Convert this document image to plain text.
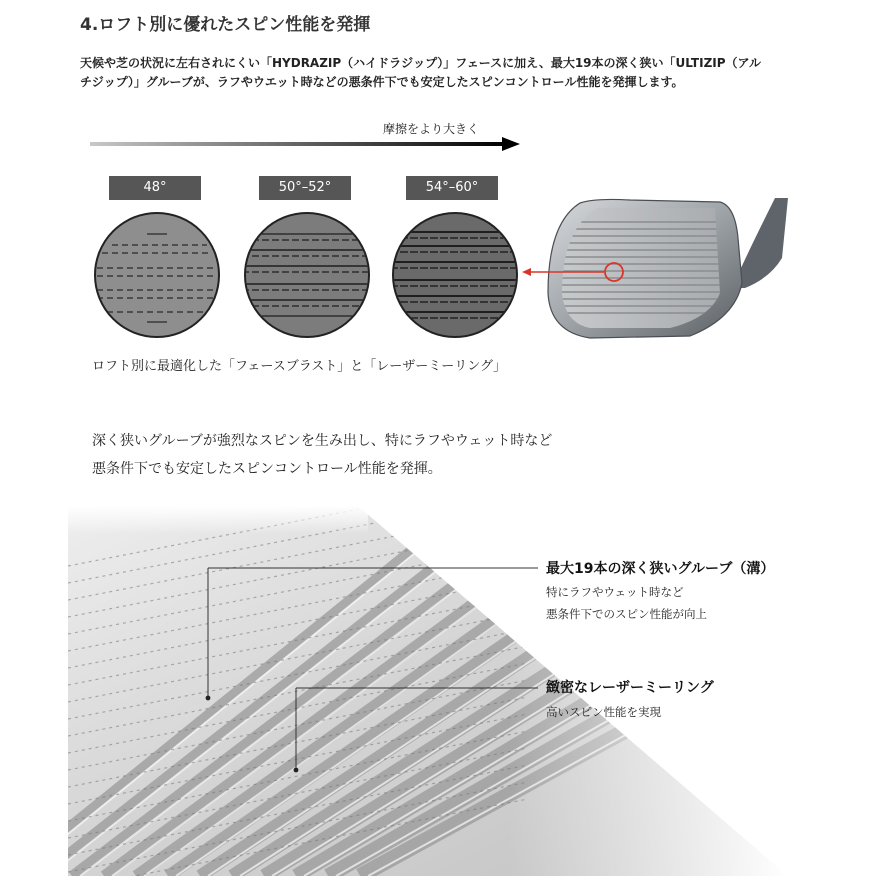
4.ロフト別に優れたスピン性能を発揮
天候や芝の状況に左右されにくい「HYDRAZIP（ハイドラジップ）」フェースに加え、最大19本の深く狭い「ULTIZIP（アル
チジップ）」グルーブが、ラフやウエット時などの悪条件下でも安定したスピンコントロール性能を発揮します。
摩擦をより大きく
48°	50°–52°	54°–60°
ロフト別に最適化した「フェースブラスト」と「レーザーミーリング」
深く狭いグルーブが強烈なスピンを生み出し、特にラフやウェット時など
悪条件下でも安定したスピンコントロール性能を発揮。
最大19本の深く狭いグルーブ（溝）
特にラフやウェット時など
悪条件下でのスピン性能が向上
緻密なレーザーミーリング
高いスピン性能を実現
